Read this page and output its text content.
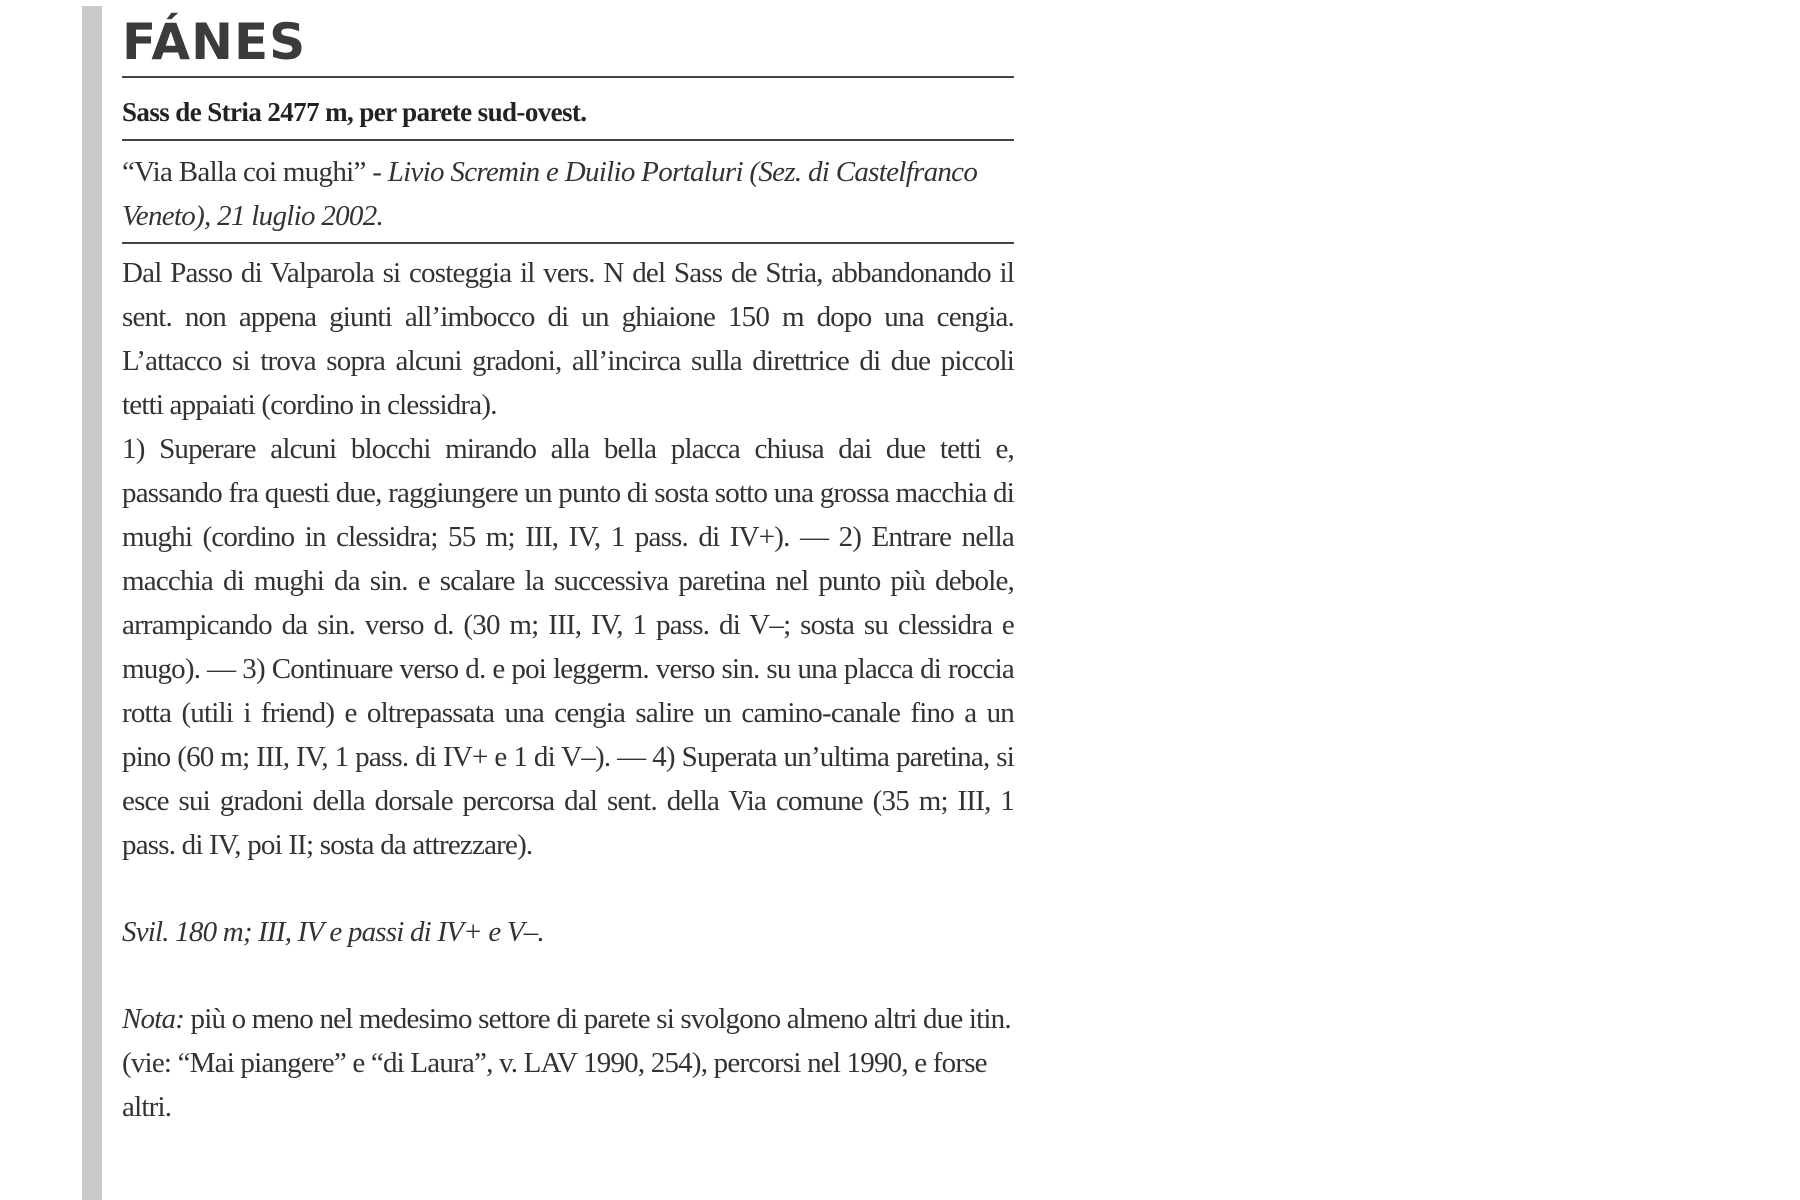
FÁNES
Sass de Stria 2477 m, per parete sud-ovest.

“Via Balla coi mughi” - Livio Scremin e Duilio Portaluri (Sez. di Castelfranco Veneto), 21 luglio 2002.

Dal Passo di Valparola si costeggia il vers. N del Sass de Stria, abbandonando il sent. non appena giunti all’imbocco di un ghiaione 150 m dopo una cengia. L’attacco si trova sopra alcuni gradoni, all’incirca sulla direttrice di due piccoli tetti appaiati (cordino in clessidra).

1) Superare alcuni blocchi mirando alla bella placca chiusa dai due tetti e, passando fra questi due, raggiungere un punto di sosta sotto una grossa macchia di mughi (cordino in clessidra; 55 m; III, IV, 1 pass. di IV+). — 2) Entrare nella macchia di mughi da sin. e scalare la successiva paretina nel punto più debole, arrampicando da sin. verso d. (30 m; III, IV, 1 pass. di V–; sosta su clessidra e mugo). — 3) Continuare verso d. e poi leggerm. verso sin. su una placca di roccia rotta (utili i friend) e oltrepassata una cengia salire un camino-canale fino a un pino (60 m; III, IV, 1 pass. di IV+ e 1 di V–). — 4) Superata un’ultima paretina, si esce sui gradoni della dorsale percorsa dal sent. della Via comune (35 m; III, 1 pass. di IV, poi II; sosta da attrezzare).

Svil. 180 m; III, IV e passi di IV+ e V–.

Nota: più o meno nel medesimo settore di parete si svolgono almeno altri due itin. (vie: “Mai piangere” e “di Laura”, v. LAV 1990, 254), percorsi nel 1990, e forse altri.
